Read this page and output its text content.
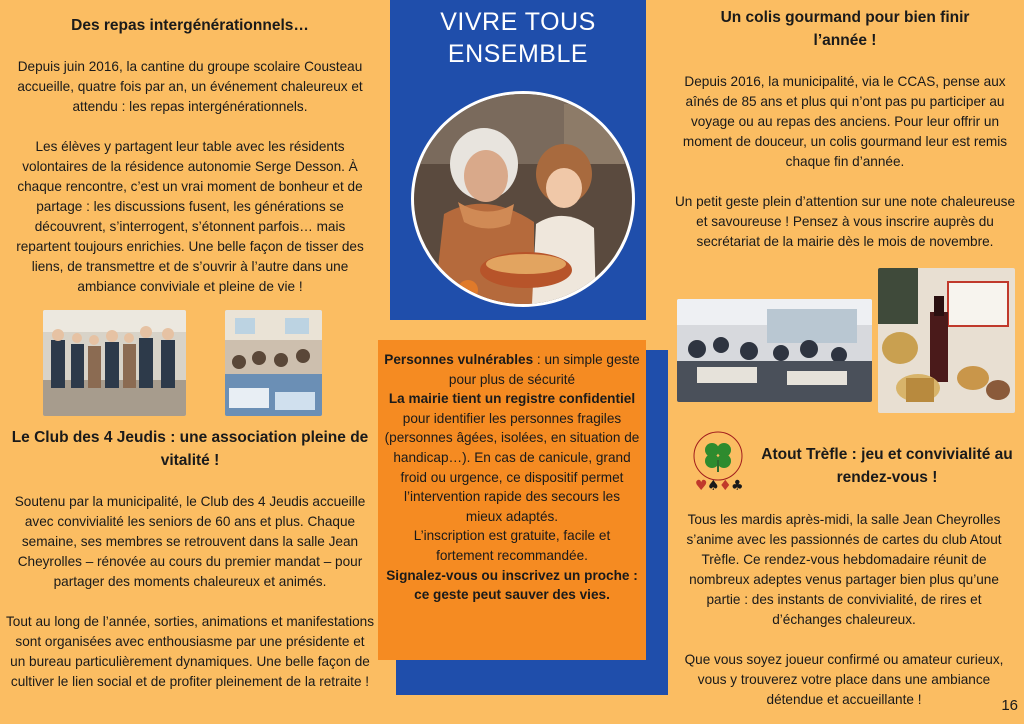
Des repas intergénérationnels…
Depuis juin 2016, la cantine du groupe scolaire Cousteau accueille, quatre fois par an, un événement chaleureux et attendu : les repas intergénérationnels.
Les élèves y partagent leur table avec les résidents volontaires de la résidence autonomie Serge Desson. À chaque rencontre, c’est un vrai moment de bonheur et de partage : les discussions fusent, les générations se découvrent, s’interrogent, s’étonnent parfois… mais repartent toujours enrichies. Une belle façon de tisser des liens, de transmettre et de s’ouvrir à l’autre dans une ambiance conviviale et pleine de vie !
Le Club des 4 Jeudis : une association pleine de vitalité !
Soutenu par la municipalité, le Club des 4 Jeudis accueille avec convivialité les seniors de 60 ans et plus. Chaque semaine, ses membres se retrouvent dans la salle Jean Cheyrolles – rénovée au cours du premier mandat – pour partager des moments chaleureux et animés.
Tout au long de l’année, sorties, animations et manifestations sont organisées avec enthousiasme par une présidente et un bureau particulièrement dynamiques. Une belle façon de cultiver le lien social et de profiter pleinement de la retraite !
VIVRE TOUS ENSEMBLE
Personnes vulnérables : un simple geste pour plus de sécurité
La mairie tient un registre confidentiel pour identifier les personnes fragiles (personnes âgées, isolées, en situation de handicap…). En cas de canicule, grand froid ou urgence, ce dispositif permet l’intervention rapide des secours les mieux adaptés.
L’inscription est gratuite, facile et fortement recommandée.
Signalez-vous ou inscrivez un proche : ce geste peut sauver des vies.
Un colis gourmand pour bien finir l’année !
Depuis 2016, la municipalité, via le CCAS, pense aux aînés de 85 ans et plus qui n’ont pas pu participer au voyage ou au repas des anciens. Pour leur offrir un moment de douceur, un colis gourmand leur est remis chaque fin d’année.
Un petit geste plein d’attention sur une note chaleureuse et savoureuse ! Pensez à vous inscrire auprès du secrétariat de la mairie dès le mois de novembre.
♥ ♠ ♦ ♣
Atout Trèfle : jeu et convivialité au rendez-vous !
Tous les mardis après-midi, la salle Jean Cheyrolles s’anime avec les passionnés de cartes du club Atout Trèfle. Ce rendez-vous hebdomadaire réunit de nombreux adeptes venus partager bien plus qu’une partie : des instants de convivialité, de rires et d’échanges chaleureux.
Que vous soyez joueur confirmé ou amateur curieux, vous y trouverez votre place dans une ambiance détendue et accueillante !	16
